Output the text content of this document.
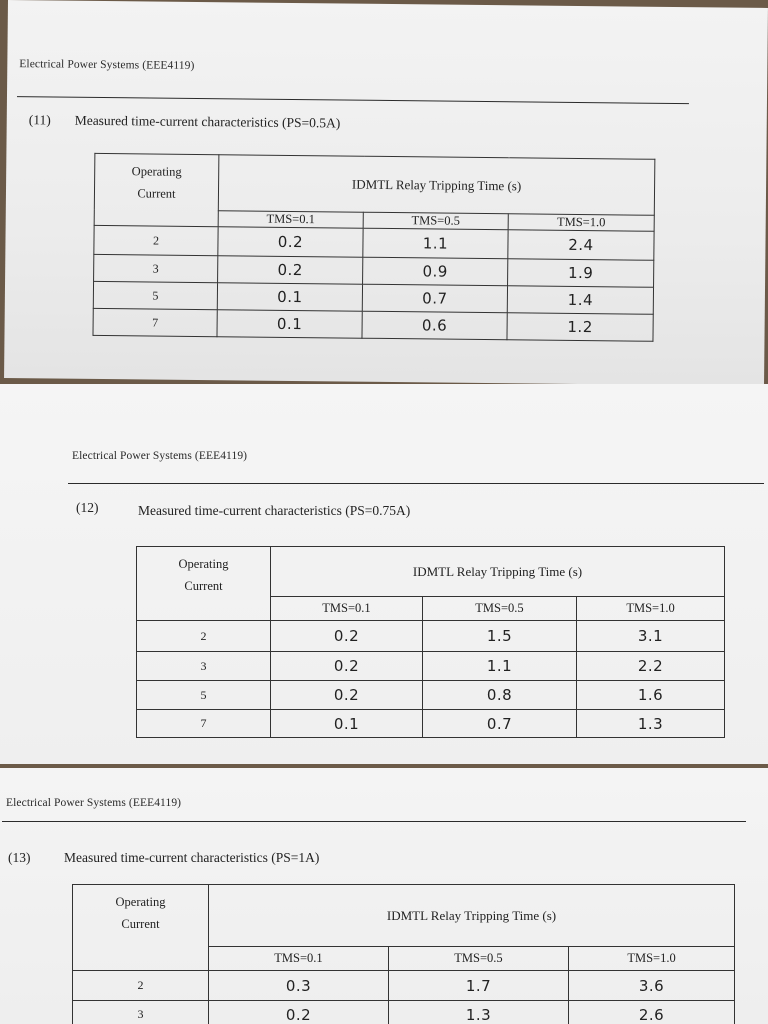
Electrical Power Systems (EEE4119)
(11) Measured time-current characteristics (PS=0.5A)
Operating
Current	IDMTL Relay Tripping Time (s)		
	TMS=0.1	TMS=0.5	TMS=1.0
2	0.2	1.1	2.4
3	0.2	0.9	1.9
5	0.1	0.7	1.4
7	0.1	0.6	1.2
Electrical Power Systems (EEE4119)
(12)	Measured time-current characteristics (PS=0.75A)
Operating
Current	IDMTL Relay Tripping Time (s)		
	TMS=0.1	TMS=0.5	TMS=1.0
2	0.2	1.5	3.1
3	0.2	1.1	2.2
5	0.2	0.8	1.6
7	0.1	0.7	1.3
Electrical Power Systems (EEE4119)
(13) Measured time-current characteristics (PS=1A)
Operating
Current	IDMTL Relay Tripping Time (s)		
	TMS=0.1	TMS=0.5	TMS=1.0
2	0.3	1.7	3.6
3	0.2	1.3	2.6
